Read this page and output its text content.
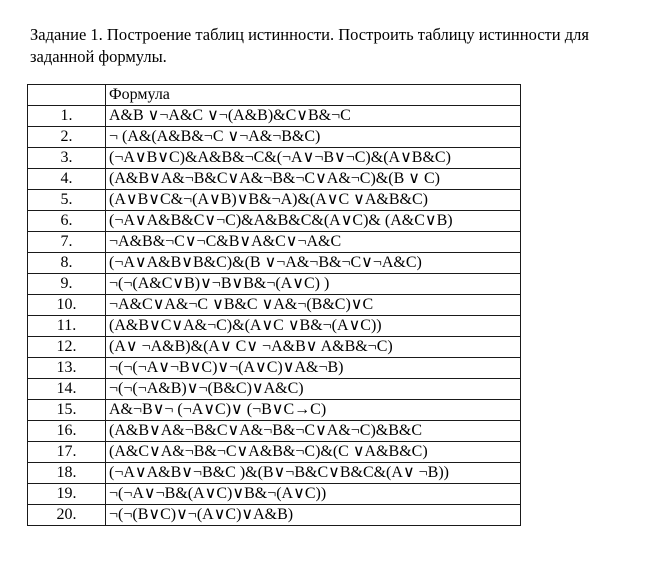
Задание 1. Построение таблиц истинности. Построить таблицу истинности для заданной формулы.

	Формула
1.	A&B ∨¬A&C ∨¬(A&B)&C∨B&¬C
2.	¬ (A&(A&B&¬C ∨¬A&¬B&C)
3.	(¬A∨B∨C)&A&B&¬C&(¬A∨¬B∨¬C)&(A∨B&C)
4.	(A&B∨A&¬B&C∨A&¬B&¬C∨A&¬C)&(B ∨ C)
5.	(A∨B∨C&¬(A∨B)∨B&¬A)&(A∨C ∨A&B&C)
6.	(¬A∨A&B&C∨¬C)&A&B&C&(A∨C)& (A&C∨B)
7.	¬A&B&¬C∨¬C&B∨A&C∨¬A&C
8.	(¬A∨A&B∨B&C)&(B ∨¬A&¬B&¬C∨¬A&C)
9.	¬(¬(A&C∨B)∨¬B∨B&¬(A∨C) )
10.	¬A&C∨A&¬C ∨B&C ∨A&¬(B&C)∨C
11.	(A&B∨C∨A&¬C)&(A∨C ∨B&¬(A∨C))
12.	(A∨ ¬A&B)&(A∨ C∨ ¬A&B∨ A&B&¬C)
13.	¬(¬(¬A∨¬B∨C)∨¬(A∨C)∨A&¬B)
14.	¬(¬(¬A&B)∨¬(B&C)∨A&C)
15.	A&¬B∨¬ (¬A∨C)∨ (¬B∨C→C)
16.	(A&B∨A&¬B&C∨A&¬B&¬C∨A&¬C)&B&C
17.	(A&C∨A&¬B&¬C∨A&B&¬C)&(C ∨A&B&C)
18.	(¬A∨A&B∨¬B&C )&(B∨¬B&C∨B&C&(A∨ ¬B))
19.	¬(¬A∨¬B&(A∨C)∨B&¬(A∨C))
20.	¬(¬(B∨C)∨¬(A∨C)∨A&B)
